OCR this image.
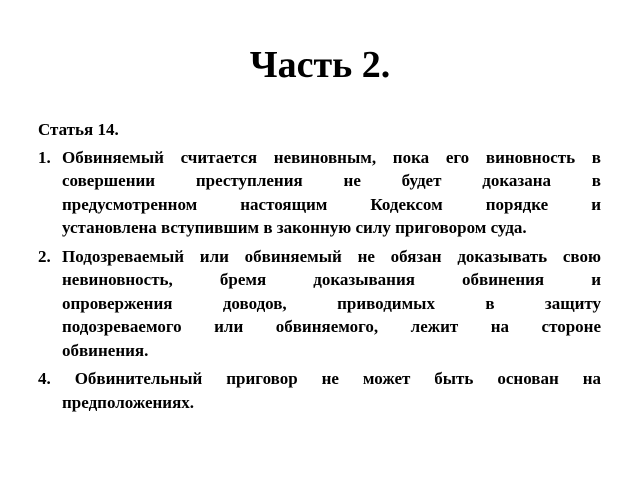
Часть 2.
Статья 14.
1. Обвиняемый считается невиновным, пока его виновность в
совершении преступления не будет доказана в
предусмотренном настоящим Кодексом порядке и
установлена вступившим в законную силу приговором суда.
2. Подозреваемый или обвиняемый не обязан доказывать свою
невиновность, бремя доказывания обвинения и
опровержения доводов, приводимых в защиту
подозреваемого или обвиняемого, лежит на стороне
обвинения.
4. Обвинительный приговор не может быть основан на
предположениях.
